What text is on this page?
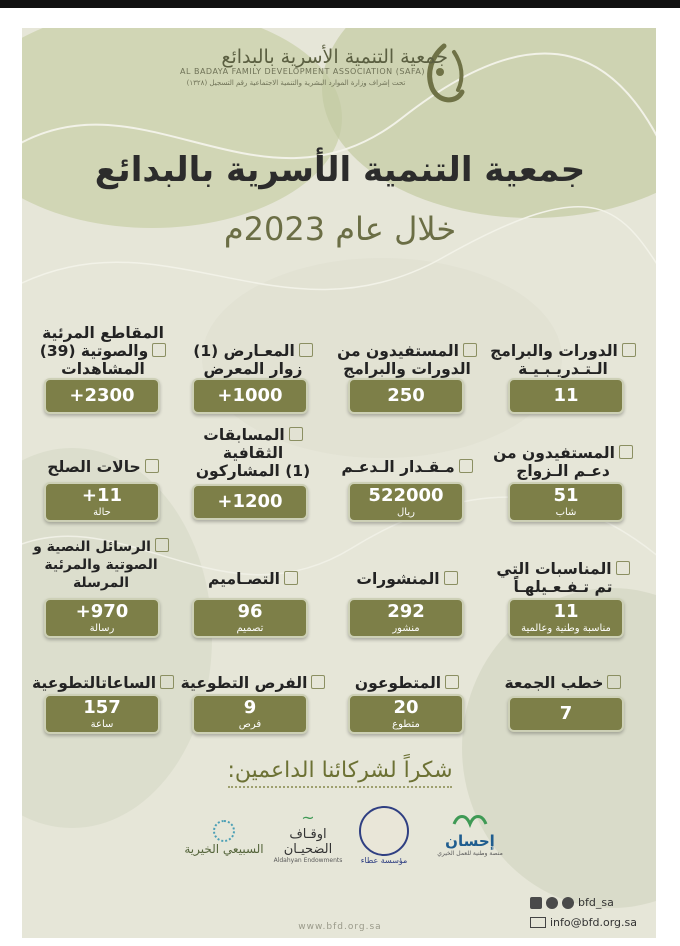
جمعية التنمية الأسرية بالبدائع
AL BADAYA FAMILY DEVELOPMENT ASSOCIATION (SAFA)
تحت إشراف وزارة الموارد البشرية والتنمية الاجتماعية رقم التسجيل (١٣٢٨)
جمعية التنمية الأسرية بالبدائع
خلال عام 2023م
الدورات والبرامج
الـتـدريـبـيـة
11
المستفيدون من
الدورات والبرامج
250
المعـارض (1)
زوار المعرض
+1000
المقاطع المرئية
والصوتية (39)
المشاهدات
+2300
المستفيدون من
دعـم الـزواج
51
شاب
مـقـدار الـدعـم
522000
ريال
المسابقات الثقافية
(1) المشاركون
+1200
حالات الصلح
+11
حالة
المناسبات التي
تم تـفـعـيلهـاً
11
مناسبة وطنية وعالمية
المنشورات
292
منشور
التصـاميم
96
تصميم
الرسائل النصية و
الصوتية والمرئية المرسلة
+970
رسالة
خطب الجمعة
7
المتطوعون
20
متطوع
الفرص التطوعية
9
فرص
الساعاتالتطوعية
157
ساعة
شكراً لشركائنا الداعمين:
إحسان
منصة وطنية للعمل الخيري
مؤسسة عطاء
~
اوقـاف الضحيـان
Aldahyan Endowments
السبيعي الخيرية
bfd_sa
info@bfd.org.sa
www.bfd.org.sa
